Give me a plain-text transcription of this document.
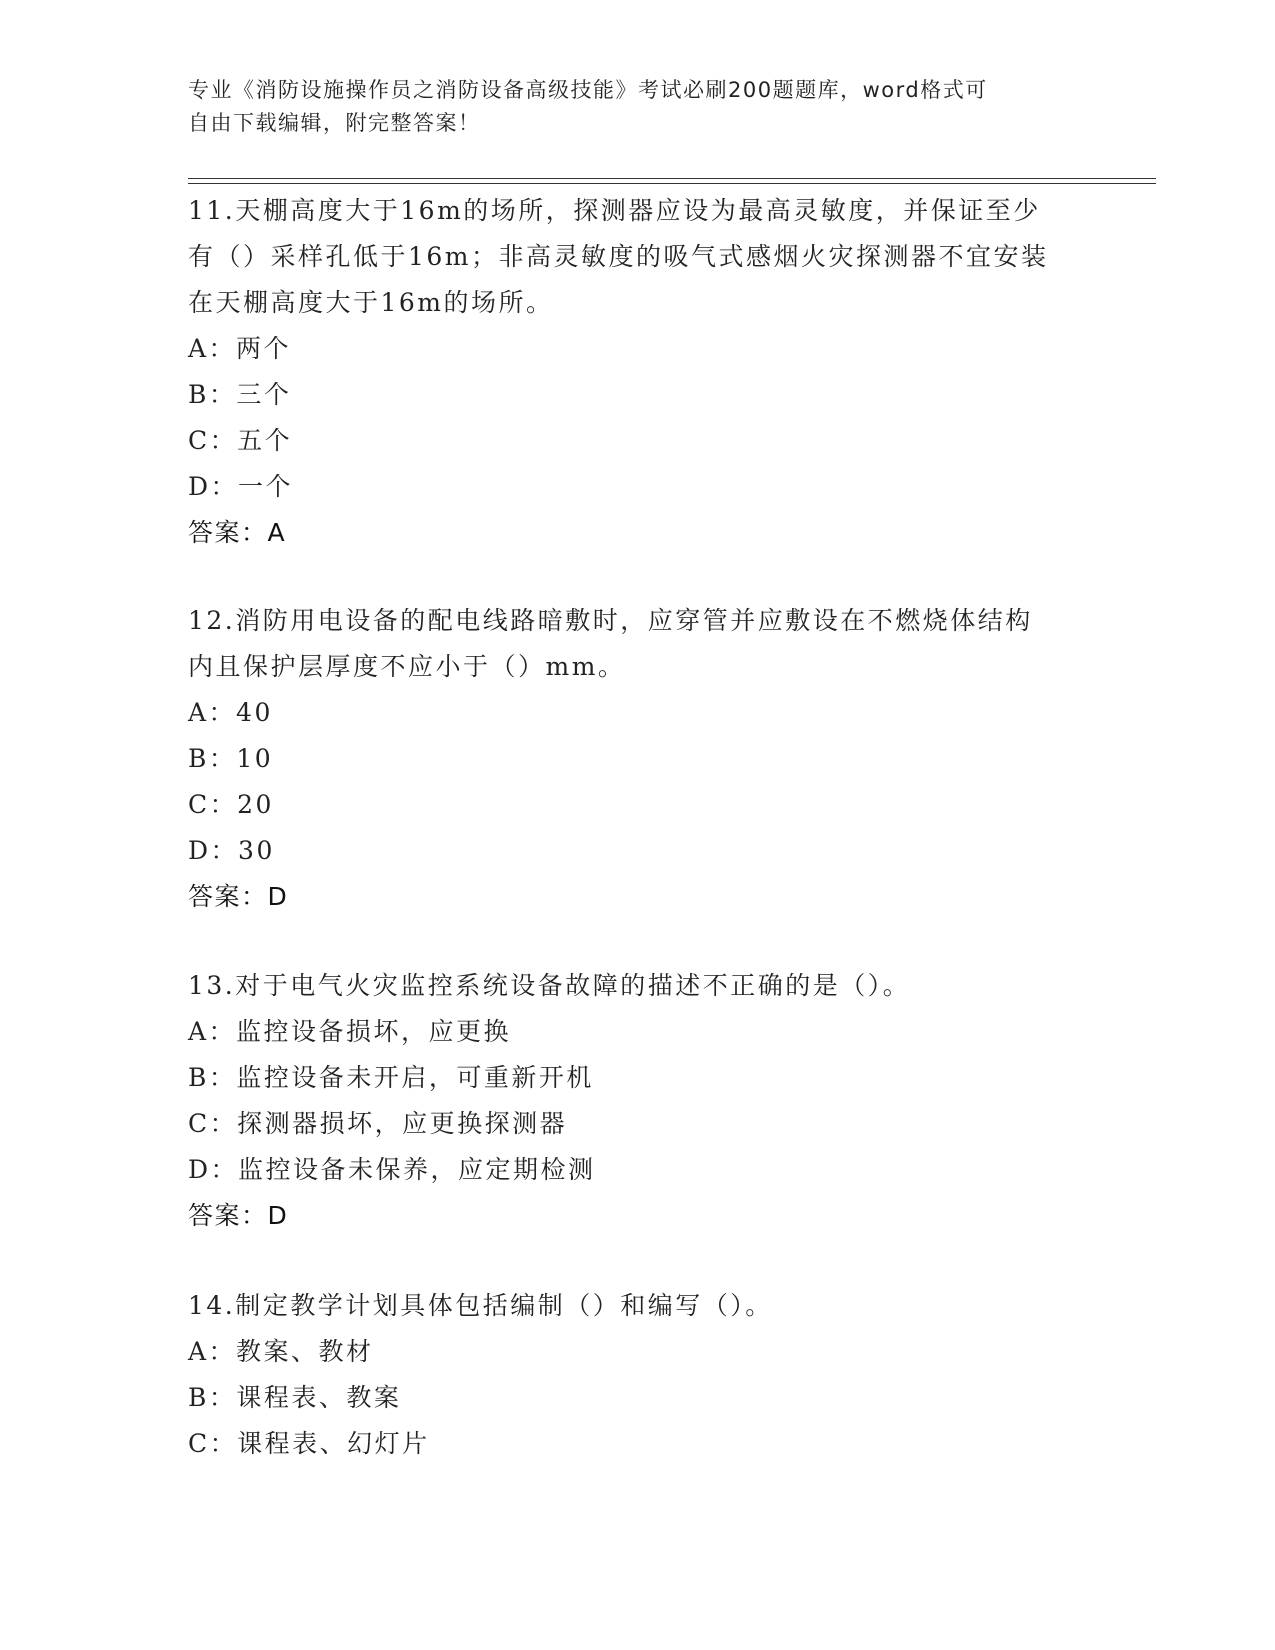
专业《消防设施操作员之消防设备高级技能》考试必刷200题题库，word格式可
自由下载编辑，附完整答案！
11.天棚高度大于16m的场所，探测器应设为最高灵敏度，并保证至少
有（）采样孔低于16m；非高灵敏度的吸气式感烟火灾探测器不宜安装
在天棚高度大于16m的场所。
A：两个
B：三个
C：五个
D：一个
答案：A
12.消防用电设备的配电线路暗敷时，应穿管并应敷设在不燃烧体结构
内且保护层厚度不应小于（）mm。
A：40
B：10
C：20
D：30
答案：D
13.对于电气火灾监控系统设备故障的描述不正确的是（）。
A：监控设备损坏，应更换
B：监控设备未开启，可重新开机
C：探测器损坏，应更换探测器
D：监控设备未保养，应定期检测
答案：D
14.制定教学计划具体包括编制（）和编写（）。
A：教案、教材
B：课程表、教案
C：课程表、幻灯片
